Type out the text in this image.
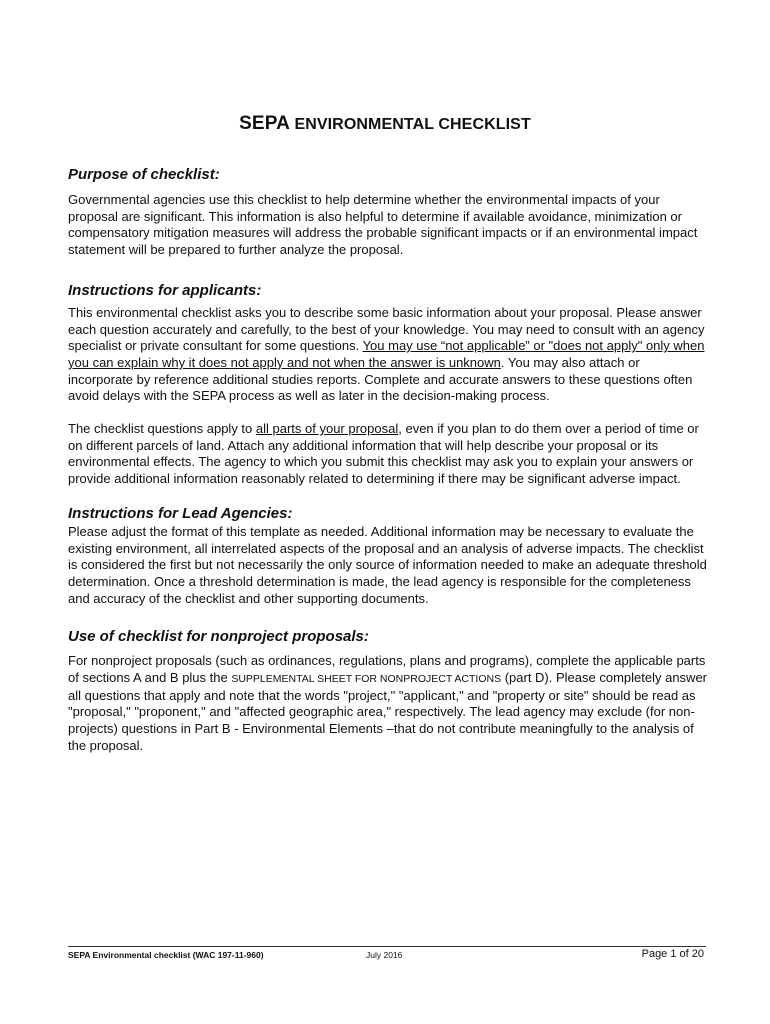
SEPA ENVIRONMENTAL CHECKLIST
Purpose of checklist:

Governmental agencies use this checklist to help determine whether the environmental impacts of your proposal are significant. This information is also helpful to determine if available avoidance, minimization or compensatory mitigation measures will address the probable significant impacts or if an environmental impact statement will be prepared to further analyze the proposal.

Instructions for applicants:

This environmental checklist asks you to describe some basic information about your proposal. Please answer each question accurately and carefully, to the best of your knowledge. You may need to consult with an agency specialist or private consultant for some questions. You may use “not applicable” or "does not apply" only when you can explain why it does not apply and not when the answer is unknown. You may also attach or incorporate by reference additional studies reports. Complete and accurate answers to these questions often avoid delays with the SEPA process as well as later in the decision-making process.

The checklist questions apply to all parts of your proposal, even if you plan to do them over a period of time or on different parcels of land. Attach any additional information that will help describe your proposal or its environmental effects. The agency to which you submit this checklist may ask you to explain your answers or provide additional information reasonably related to determining if there may be significant adverse impact.

Instructions for Lead Agencies:

Please adjust the format of this template as needed. Additional information may be necessary to evaluate the existing environment, all interrelated aspects of the proposal and an analysis of adverse impacts. The checklist is considered the first but not necessarily the only source of information needed to make an adequate threshold determination. Once a threshold determination is made, the lead agency is responsible for the completeness and accuracy of the checklist and other supporting documents.

Use of checklist for nonproject proposals:

For nonproject proposals (such as ordinances, regulations, plans and programs), complete the applicable parts of sections A and B plus the SUPPLEMENTAL SHEET FOR NONPROJECT ACTIONS (part D). Please completely answer all questions that apply and note that the words "project," "applicant," and "property or site" should be read as "proposal," "proponent," and "affected geographic area," respectively. The lead agency may exclude (for non-projects) questions in Part B - Environmental Elements –that do not contribute meaningfully to the analysis of the proposal.

SEPA Environmental checklist (WAC 197-11-960)	July 2016	Page 1 of 20
